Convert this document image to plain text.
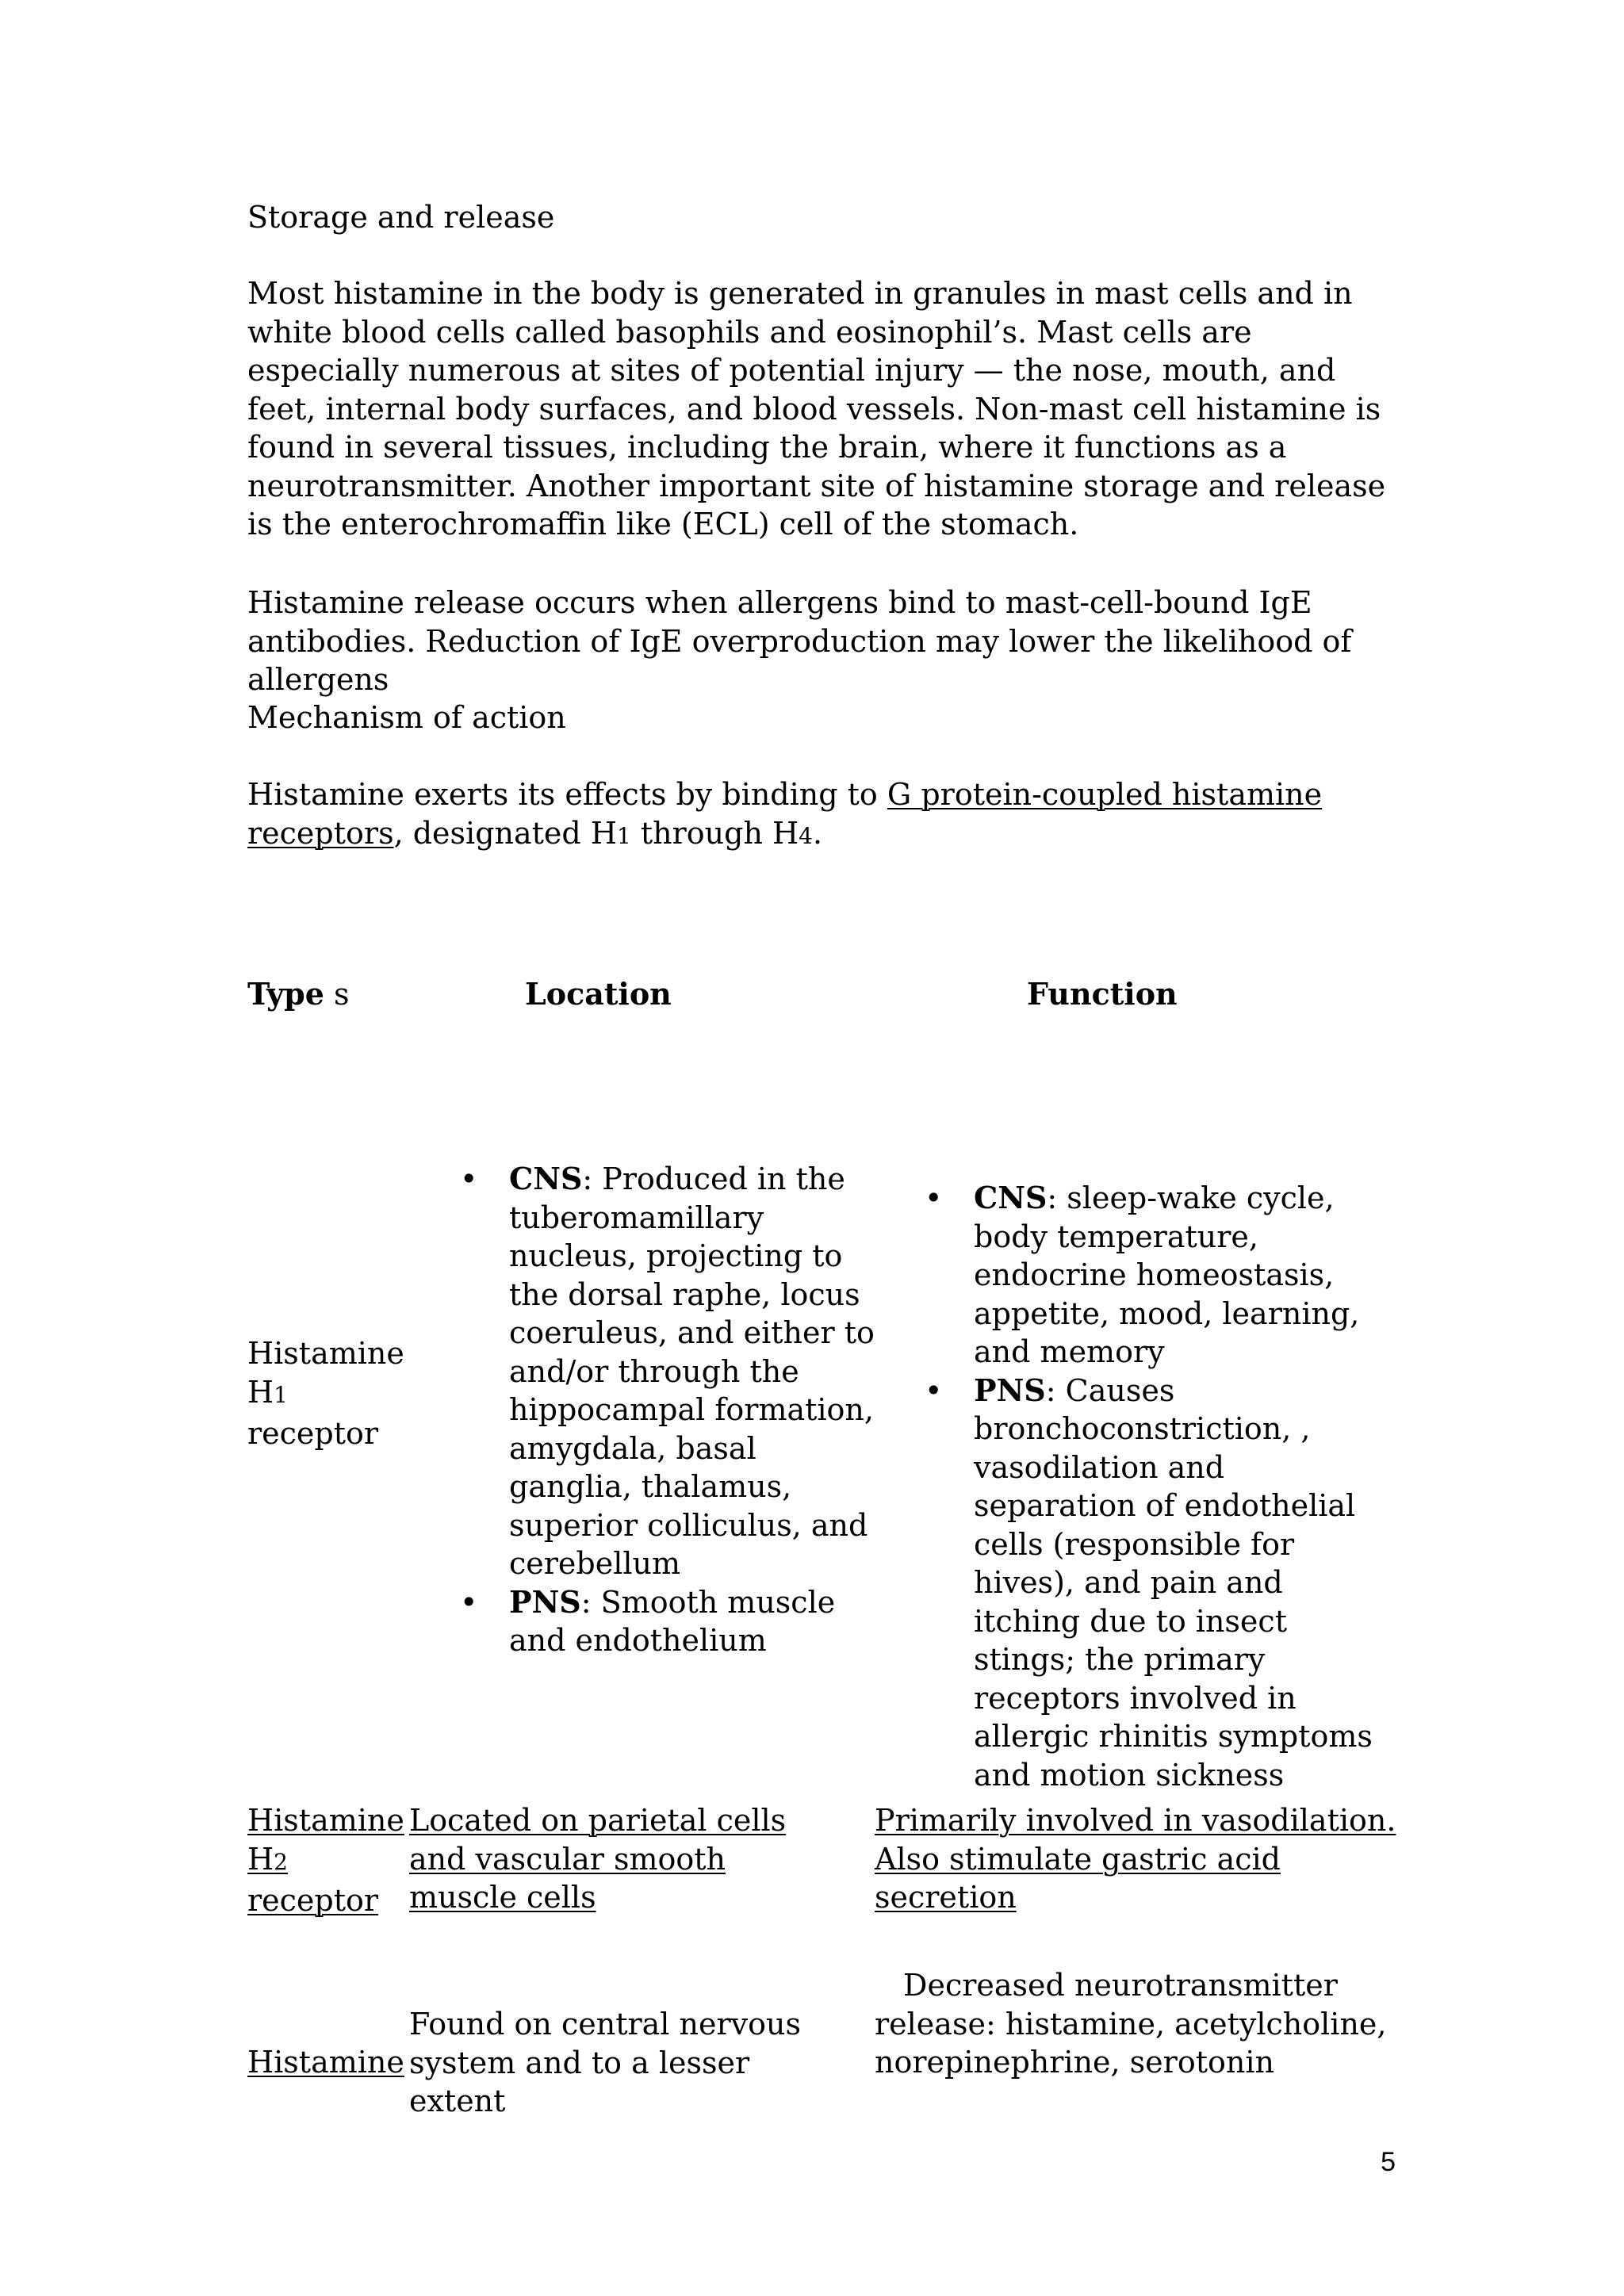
Storage and release

Most histamine in the body is generated in granules in mast cells and in white blood cells called basophils and eosinophil’s. Mast cells are especially numerous at sites of potential injury — the nose, mouth, and feet, internal body surfaces, and blood vessels. Non-mast cell histamine is found in several tissues, including the brain, where it functions as a neurotransmitter. Another important site of histamine storage and release is the enterochromaffin like (ECL) cell of the stomach.

Histamine release occurs when allergens bind to mast-cell-bound IgE antibodies. Reduction of IgE overproduction may lower the likelihood of allergens

Mechanism of action

Histamine exerts its effects by binding to G protein-coupled histamine receptors, designated H1 through H4.

Type s	Location	Function

Histamine

H1

receptor

• CNS: Produced in the tuberomamillary nucleus, projecting to the dorsal raphe, locus coeruleus, and either to and/or through the hippocampal formation, amygdala, basal ganglia, thalamus, superior colliculus, and cerebellum
• PNS: Smooth muscle and endothelium
• CNS: sleep-wake cycle, body temperature, endocrine homeostasis, appetite, mood, learning, and memory
• PNS: Causes bronchoconstriction, , vasodilation and separation of endothelial cells (responsible for hives), and pain and itching due to insect stings; the primary receptors involved in allergic rhinitis symptoms and motion sickness

Histamine

H2

receptor

Located on parietal cells and vascular smooth muscle cells

Primarily involved in vasodilation. Also stimulate gastric acid secretion

Histamine

Found on central nervous system and to a lesser extent

Decreased neurotransmitter release: histamine, acetylcholine, norepinephrine, serotonin

5
